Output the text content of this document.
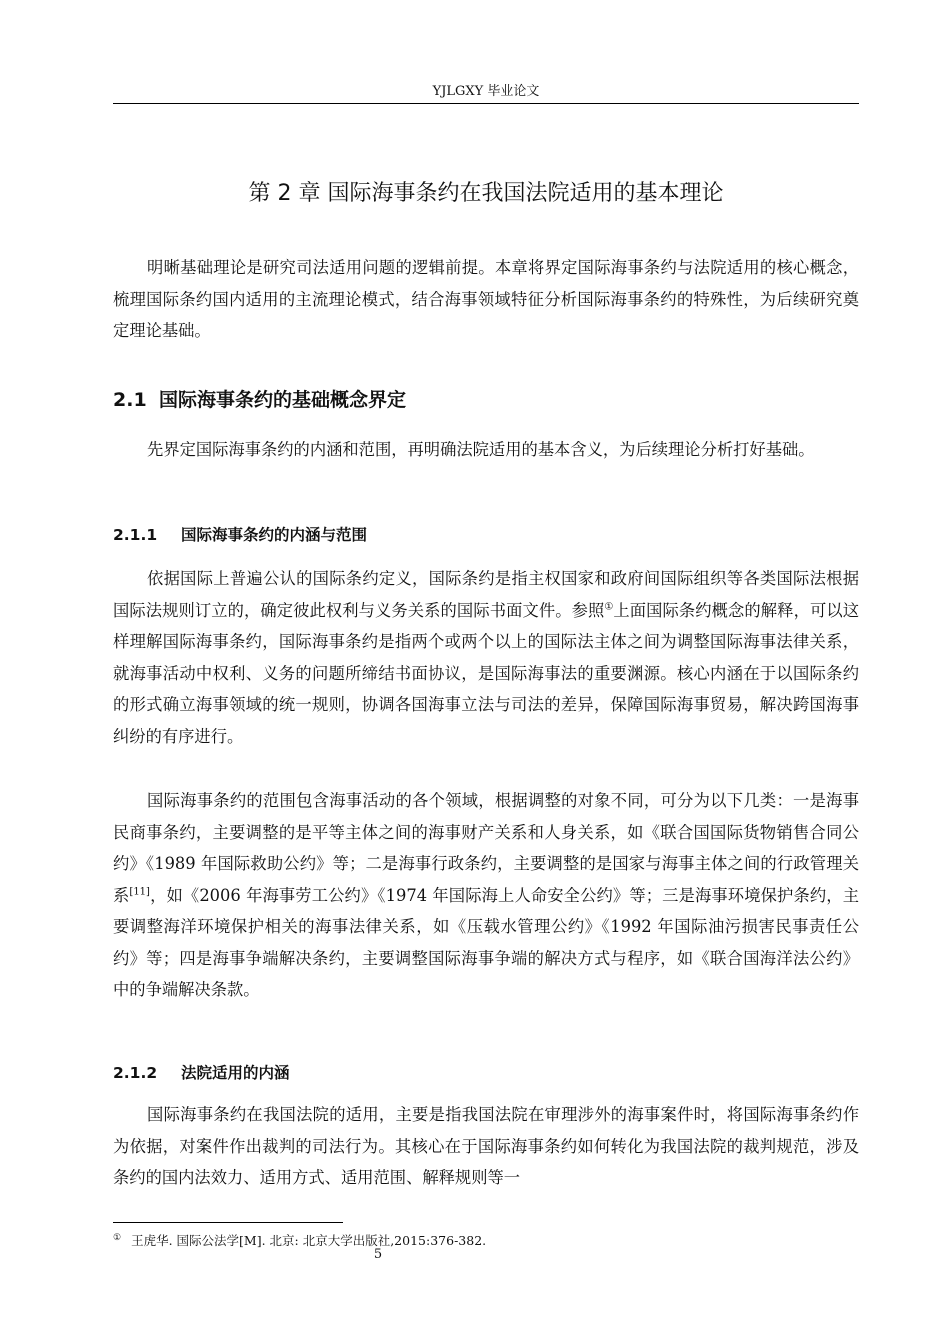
YJLGXY 毕业论文
第 2 章 国际海事条约在我国法院适用的基本理论

明晰基础理论是研究司法适用问题的逻辑前提。本章将界定国际海事条约与法院适用的核心概念，梳理国际条约国内适用的主流理论模式，结合海事领域特征分析国际海事条约的特殊性，为后续研究奠定理论基础。

2.1 国际海事条约的基础概念界定

先界定国际海事条约的内涵和范围，再明确法院适用的基本含义，为后续理论分析打好基础。

2.1.1 国际海事条约的内涵与范围

依据国际上普遍公认的国际条约定义，国际条约是指主权国家和政府间国际组织等各类国际法根据国际法规则订立的，确定彼此权利与义务关系的国际书面文件。参照①上面国际条约概念的解释，可以这样理解国际海事条约，国际海事条约是指两个或两个以上的国际法主体之间为调整国际海事法律关系，就海事活动中权利、义务的问题所缔结书面协议，是国际海事法的重要渊源。核心内涵在于以国际条约的形式确立海事领域的统一规则，协调各国海事立法与司法的差异，保障国际海事贸易，解决跨国海事纠纷的有序进行。

国际海事条约的范围包含海事活动的各个领域，根据调整的对象不同，可分为以下几类：一是海事民商事条约，主要调整的是平等主体之间的海事财产关系和人身关系，如《联合国国际货物销售合同公约》《1989 年国际救助公约》等；二是海事行政条约，主要调整的是国家与海事主体之间的行政管理关系[11]，如《2006 年海事劳工公约》《1974 年国际海上人命安全公约》等；三是海事环境保护条约，主要调整海洋环境保护相关的海事法律关系，如《压载水管理公约》《1992 年国际油污损害民事责任公约》等；四是海事争端解决条约，主要调整国际海事争端的解决方式与程序，如《联合国海洋法公约》中的争端解决条款。

2.1.2 法院适用的内涵

国际海事条约在我国法院的适用，主要是指我国法院在审理涉外的海事案件时，将国际海事条约作为依据，对案件作出裁判的司法行为。其核心在于国际海事条约如何转化为我国法院的裁判规范，涉及条约的国内法效力、适用方式、适用范围、解释规则等一

① 王虎华. 国际公法学[M]. 北京: 北京大学出版社,2015:376-382.
5
